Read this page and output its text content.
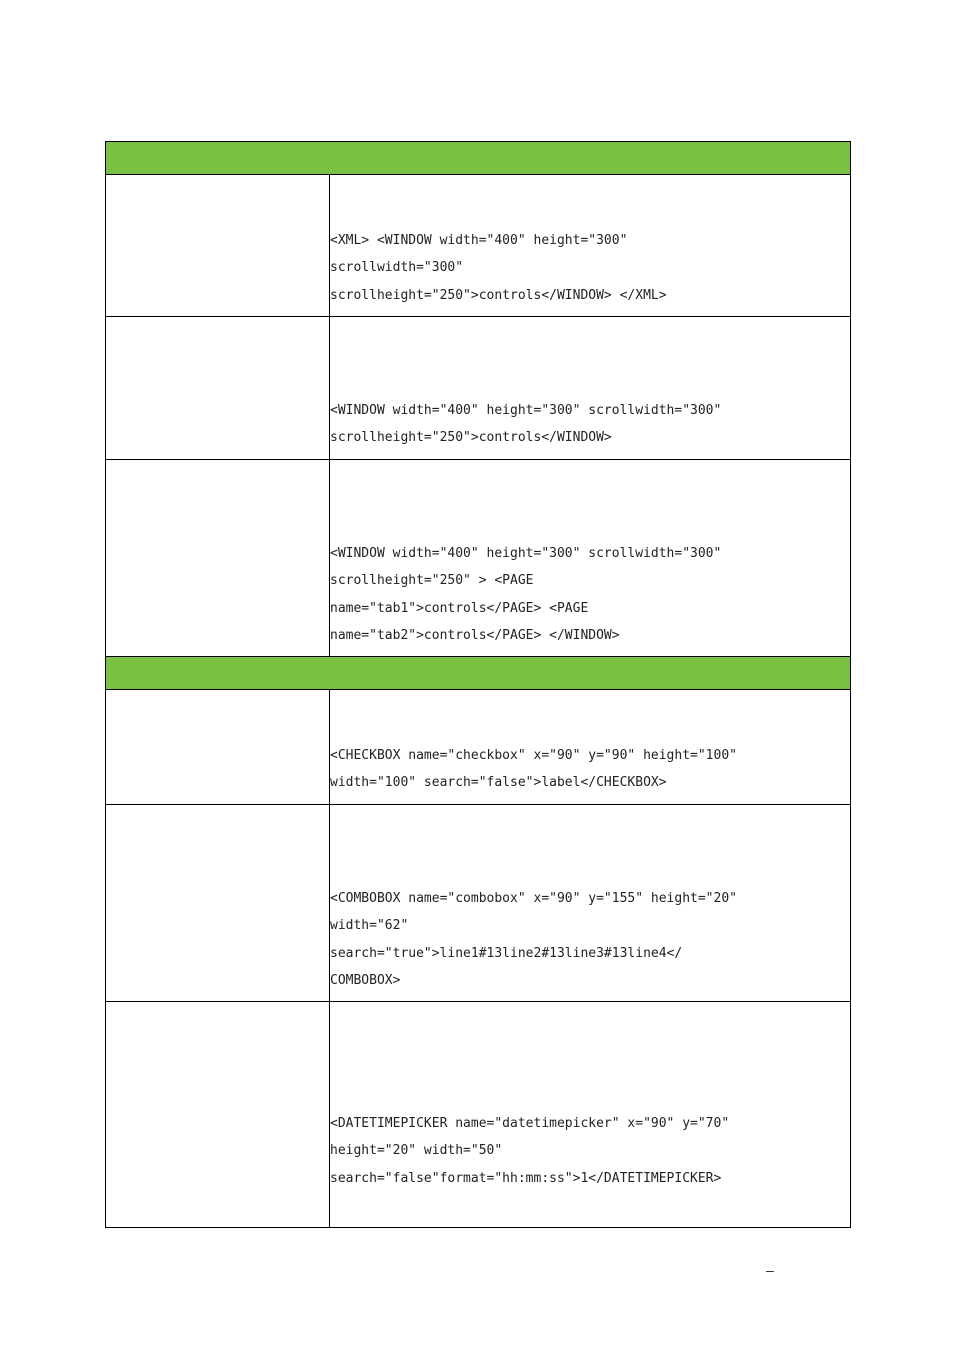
	<XML> <WINDOW width="400" height="300"
scrollwidth="300"
scrollheight="250">controls</WINDOW> </XML>

	<WINDOW width="400" height="300" scrollwidth="300"
scrollheight="250">controls</WINDOW>

	<WINDOW width="400" height="300" scrollwidth="300"
scrollheight="250" > <PAGE
name="tab1">controls</PAGE> <PAGE
name="tab2">controls</PAGE> </WINDOW>

	<CHECKBOX name="checkbox" x="90" y="90" height="100"
width="100" search="false">label</CHECKBOX>

	<COMBOBOX name="combobox" x="90" y="155" height="20"
width="62"
search="true">line1#13line2#13line3#13line4</
COMBOBOX>

	<DATETIMEPICKER name="datetimepicker" x="90" y="70"
height="20" width="50"
search="false"format="hh:mm:ss">1</DATETIMEPICKER>
–
